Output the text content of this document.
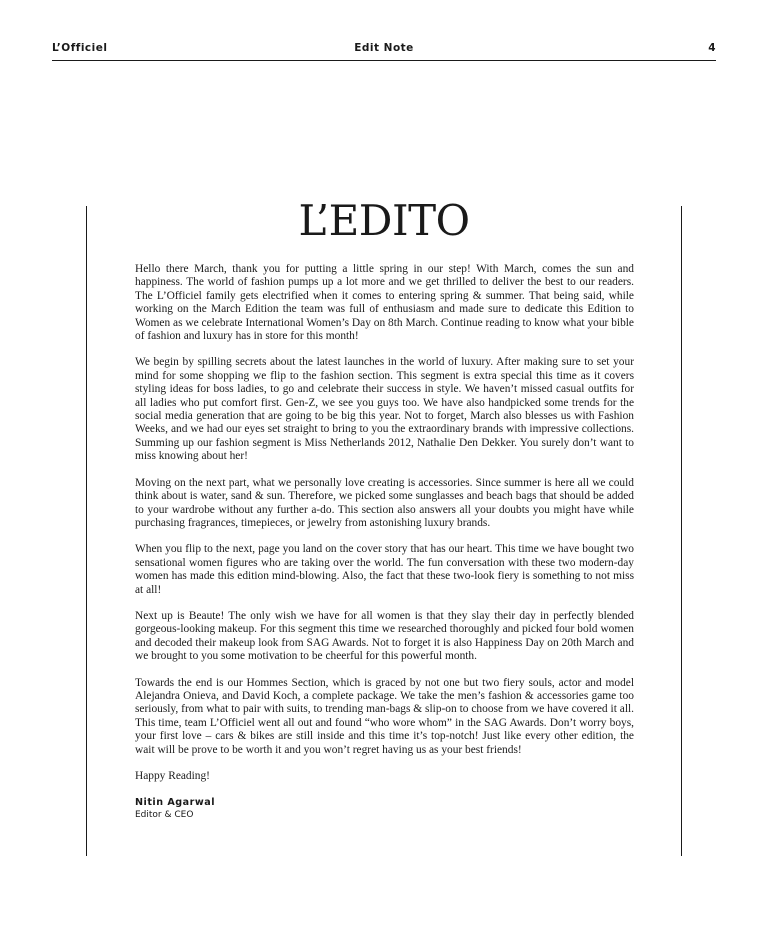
L’Officiel	Edit Note	4
L’EDITO

Hello there March, thank you for putting a little spring in our step! With March, comes the sun and happiness. The world of fashion pumps up a lot more and we get thrilled to deliver the best to our readers. The L’Officiel family gets electrified when it comes to entering spring & summer. That being said, while working on the March Edition the team was full of enthusiasm and made sure to dedicate this Edition to Women as we celebrate International Women’s Day on 8th March. Continue reading to know what your bible of fashion and luxury has in store for this month!

We begin by spilling secrets about the latest launches in the world of luxury. After making sure to set your mind for some shopping we flip to the fashion section. This segment is extra special this time as it covers styling ideas for boss ladies, to go and celebrate their success in style. We haven’t missed casual outfits for all ladies who put comfort first. Gen-Z, we see you guys too. We have also handpicked some trends for the social media generation that are going to be big this year. Not to forget, March also blesses us with Fashion Weeks, and we had our eyes set straight to bring to you the extraordinary brands with impressive collections. Summing up our fashion segment is Miss Netherlands 2012, Nathalie Den Dekker. You surely don’t want to miss knowing about her!

Moving on the next part, what we personally love creating is accessories. Since summer is here all we could think about is water, sand & sun. Therefore, we picked some sunglasses and beach bags that should be added to your wardrobe without any further a-do. This section also answers all your doubts you might have while purchasing fragrances, timepieces, or jewelry from astonishing luxury brands.

When you flip to the next, page you land on the cover story that has our heart. This time we have bought two sensational women figures who are taking over the world. The fun conversation with these two modern-day women has made this edition mind-blowing. Also, the fact that these two-look fiery is something to not miss at all!

Next up is Beaute! The only wish we have for all women is that they slay their day in perfectly blended gorgeous-looking makeup. For this segment this time we researched thoroughly and picked four bold women and decoded their makeup look from SAG Awards. Not to forget it is also Happiness Day on 20th March and we brought to you some motivation to be cheerful for this powerful month.

Towards the end is our Hommes Section, which is graced by not one but two fiery souls, actor and model Alejandra Onieva, and David Koch, a complete package. We take the men’s fashion & accessories game too seriously, from what to pair with suits, to trending man-bags & slip-on to choose from we have covered it all. This time, team L’Officiel went all out and found “who wore whom” in the SAG Awards. Don’t worry boys, your first love – cars & bikes are still inside and this time it’s top-notch! Just like every other edition, the wait will be prove to be worth it and you won’t regret having us as your best friends!

Happy Reading!

Nitin Agarwal
Editor & CEO
